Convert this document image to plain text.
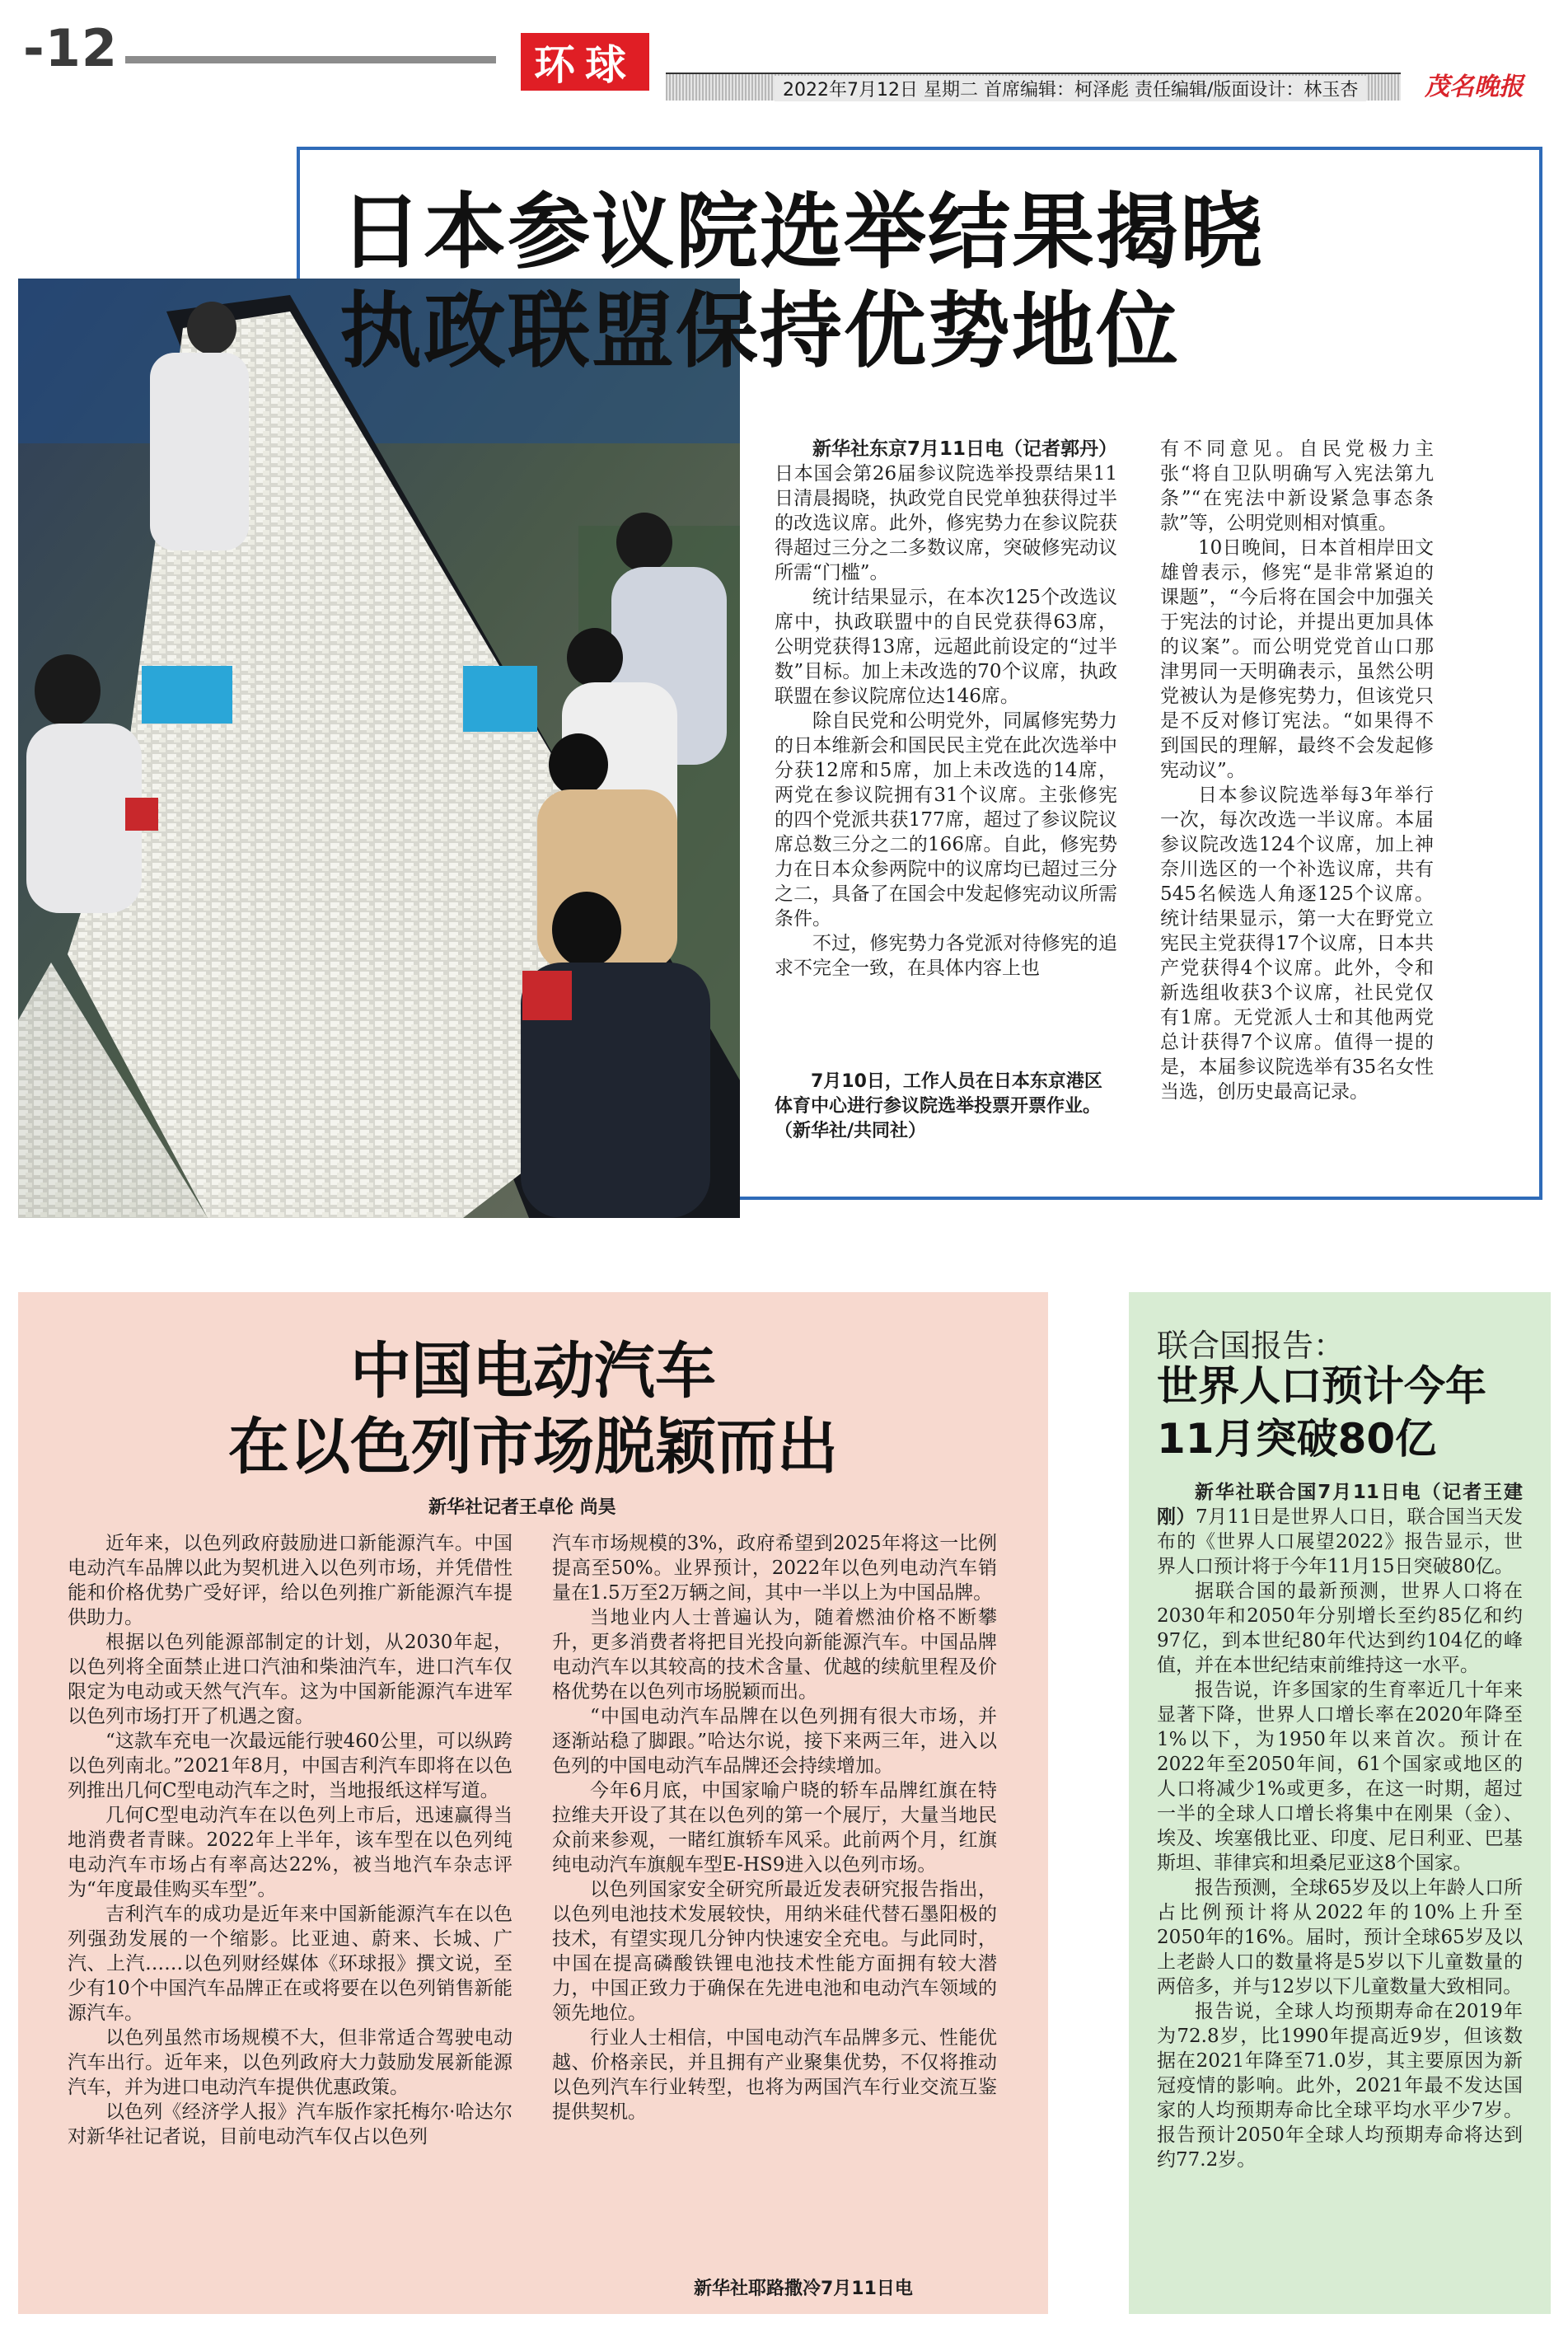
-12	环球
2022年7月12日 星期二 首席编辑：柯泽彪 责任编辑/版面设计：林玉杏	茂名晚报
日本参议院选举结果揭晓
执政联盟保持优势地位

新华社东京7月11日电（记者郭丹）日本国会第26届参议院选举投票结果11日清晨揭晓，执政党自民党单独获得过半的改选议席。此外，修宪势力在参议院获得超过三分之二多数议席，突破修宪动议所需“门槛”。

统计结果显示，在本次125个改选议席中，执政联盟中的自民党获得63席，公明党获得13席，远超此前设定的“过半数”目标。加上未改选的70个议席，执政联盟在参议院席位达146席。

除自民党和公明党外，同属修宪势力的日本维新会和国民民主党在此次选举中分获12席和5席，加上未改选的14席，两党在参议院拥有31个议席。主张修宪的四个党派共获177席，超过了参议院议席总数三分之二的166席。自此，修宪势力在日本众参两院中的议席均已超过三分之二，具备了在国会中发起修宪动议所需条件。

不过，修宪势力各党派对待修宪的追求不完全一致，在具体内容上也

有不同意见。自民党极力主张“将自卫队明确写入宪法第九条”“在宪法中新设紧急事态条款”等，公明党则相对慎重。

10日晚间，日本首相岸田文雄曾表示，修宪“是非常紧迫的课题”，“今后将在国会中加强关于宪法的讨论，并提出更加具体的议案”。而公明党党首山口那津男同一天明确表示，虽然公明党被认为是修宪势力，但该党只是不反对修订宪法。“如果得不到国民的理解，最终不会发起修宪动议”。

日本参议院选举每3年举行一次，每次改选一半议席。本届参议院改选124个议席，加上神奈川选区的一个补选议席，共有545名候选人角逐125个议席。统计结果显示，第一大在野党立宪民主党获得17个议席，日本共产党获得4个议席。此外，令和新选组收获3个议席，社民党仅有1席。无党派人士和其他两党总计获得7个议席。值得一提的是，本届参议院选举有35名女性当选，创历史最高记录。

7月10日，工作人员在日本东京港区体育中心进行参议院选举投票开票作业。（新华社/共同社）
中国电动汽车
在以色列市场脱颖而出
新华社记者王卓伦 尚昊

近年来，以色列政府鼓励进口新能源汽车。中国电动汽车品牌以此为契机进入以色列市场，并凭借性能和价格优势广受好评，给以色列推广新能源汽车提供助力。

根据以色列能源部制定的计划，从2030年起，以色列将全面禁止进口汽油和柴油汽车，进口汽车仅限定为电动或天然气汽车。这为中国新能源汽车进军以色列市场打开了机遇之窗。

“这款车充电一次最远能行驶460公里，可以纵跨以色列南北。”2021年8月，中国吉利汽车即将在以色列推出几何C型电动汽车之时，当地报纸这样写道。

几何C型电动汽车在以色列上市后，迅速赢得当地消费者青睐。2022年上半年，该车型在以色列纯电动汽车市场占有率高达22%，被当地汽车杂志评为“年度最佳购买车型”。

吉利汽车的成功是近年来中国新能源汽车在以色列强劲发展的一个缩影。比亚迪、蔚来、长城、广汽、上汽……以色列财经媒体《环球报》撰文说，至少有10个中国汽车品牌正在或将要在以色列销售新能源汽车。

以色列虽然市场规模不大，但非常适合驾驶电动汽车出行。近年来，以色列政府大力鼓励发展新能源汽车，并为进口电动汽车提供优惠政策。

以色列《经济学人报》汽车版作家托梅尔·哈达尔对新华社记者说，目前电动汽车仅占以色列

汽车市场规模的3%，政府希望到2025年将这一比例提高至50%。业界预计，2022年以色列电动汽车销量在1.5万至2万辆之间，其中一半以上为中国品牌。

当地业内人士普遍认为，随着燃油价格不断攀升，更多消费者将把目光投向新能源汽车。中国品牌电动汽车以其较高的技术含量、优越的续航里程及价格优势在以色列市场脱颖而出。

“中国电动汽车品牌在以色列拥有很大市场，并逐渐站稳了脚跟。”哈达尔说，接下来两三年，进入以色列的中国电动汽车品牌还会持续增加。

今年6月底，中国家喻户晓的轿车品牌红旗在特拉维夫开设了其在以色列的第一个展厅，大量当地民众前来参观，一睹红旗轿车风采。此前两个月，红旗纯电动汽车旗舰车型E-HS9进入以色列市场。

以色列国家安全研究所最近发表研究报告指出，以色列电池技术发展较快，用纳米硅代替石墨阳极的技术，有望实现几分钟内快速安全充电。与此同时，中国在提高磷酸铁锂电池技术性能方面拥有较大潜力，中国正致力于确保在先进电池和电动汽车领域的领先地位。

行业人士相信，中国电动汽车品牌多元、性能优越、价格亲民，并且拥有产业聚集优势，不仅将推动以色列汽车行业转型，也将为两国汽车行业交流互鉴提供契机。

新华社耶路撒冷7月11日电
联合国报告：
世界人口预计今年
11月突破80亿

新华社联合国7月11日电（记者王建刚）7月11日是世界人口日，联合国当天发布的《世界人口展望2022》报告显示，世界人口预计将于今年11月15日突破80亿。

据联合国的最新预测，世界人口将在2030年和2050年分别增长至约85亿和约97亿，到本世纪80年代达到约104亿的峰值，并在本世纪结束前维持这一水平。

报告说，许多国家的生育率近几十年来显著下降，世界人口增长率在2020年降至1%以下，为1950年以来首次。预计在2022年至2050年间，61个国家或地区的人口将减少1%或更多，在这一时期，超过一半的全球人口增长将集中在刚果（金）、埃及、埃塞俄比亚、印度、尼日利亚、巴基斯坦、菲律宾和坦桑尼亚这8个国家。

报告预测，全球65岁及以上年龄人口所占比例预计将从2022年的10%上升至2050年的16%。届时，预计全球65岁及以上老龄人口的数量将是5岁以下儿童数量的两倍多，并与12岁以下儿童数量大致相同。

报告说，全球人均预期寿命在2019年为72.8岁，比1990年提高近9岁，但该数据在2021年降至71.0岁，其主要原因为新冠疫情的影响。此外，2021年最不发达国家的人均预期寿命比全球平均水平少7岁。报告预计2050年全球人均预期寿命将达到约77.2岁。
